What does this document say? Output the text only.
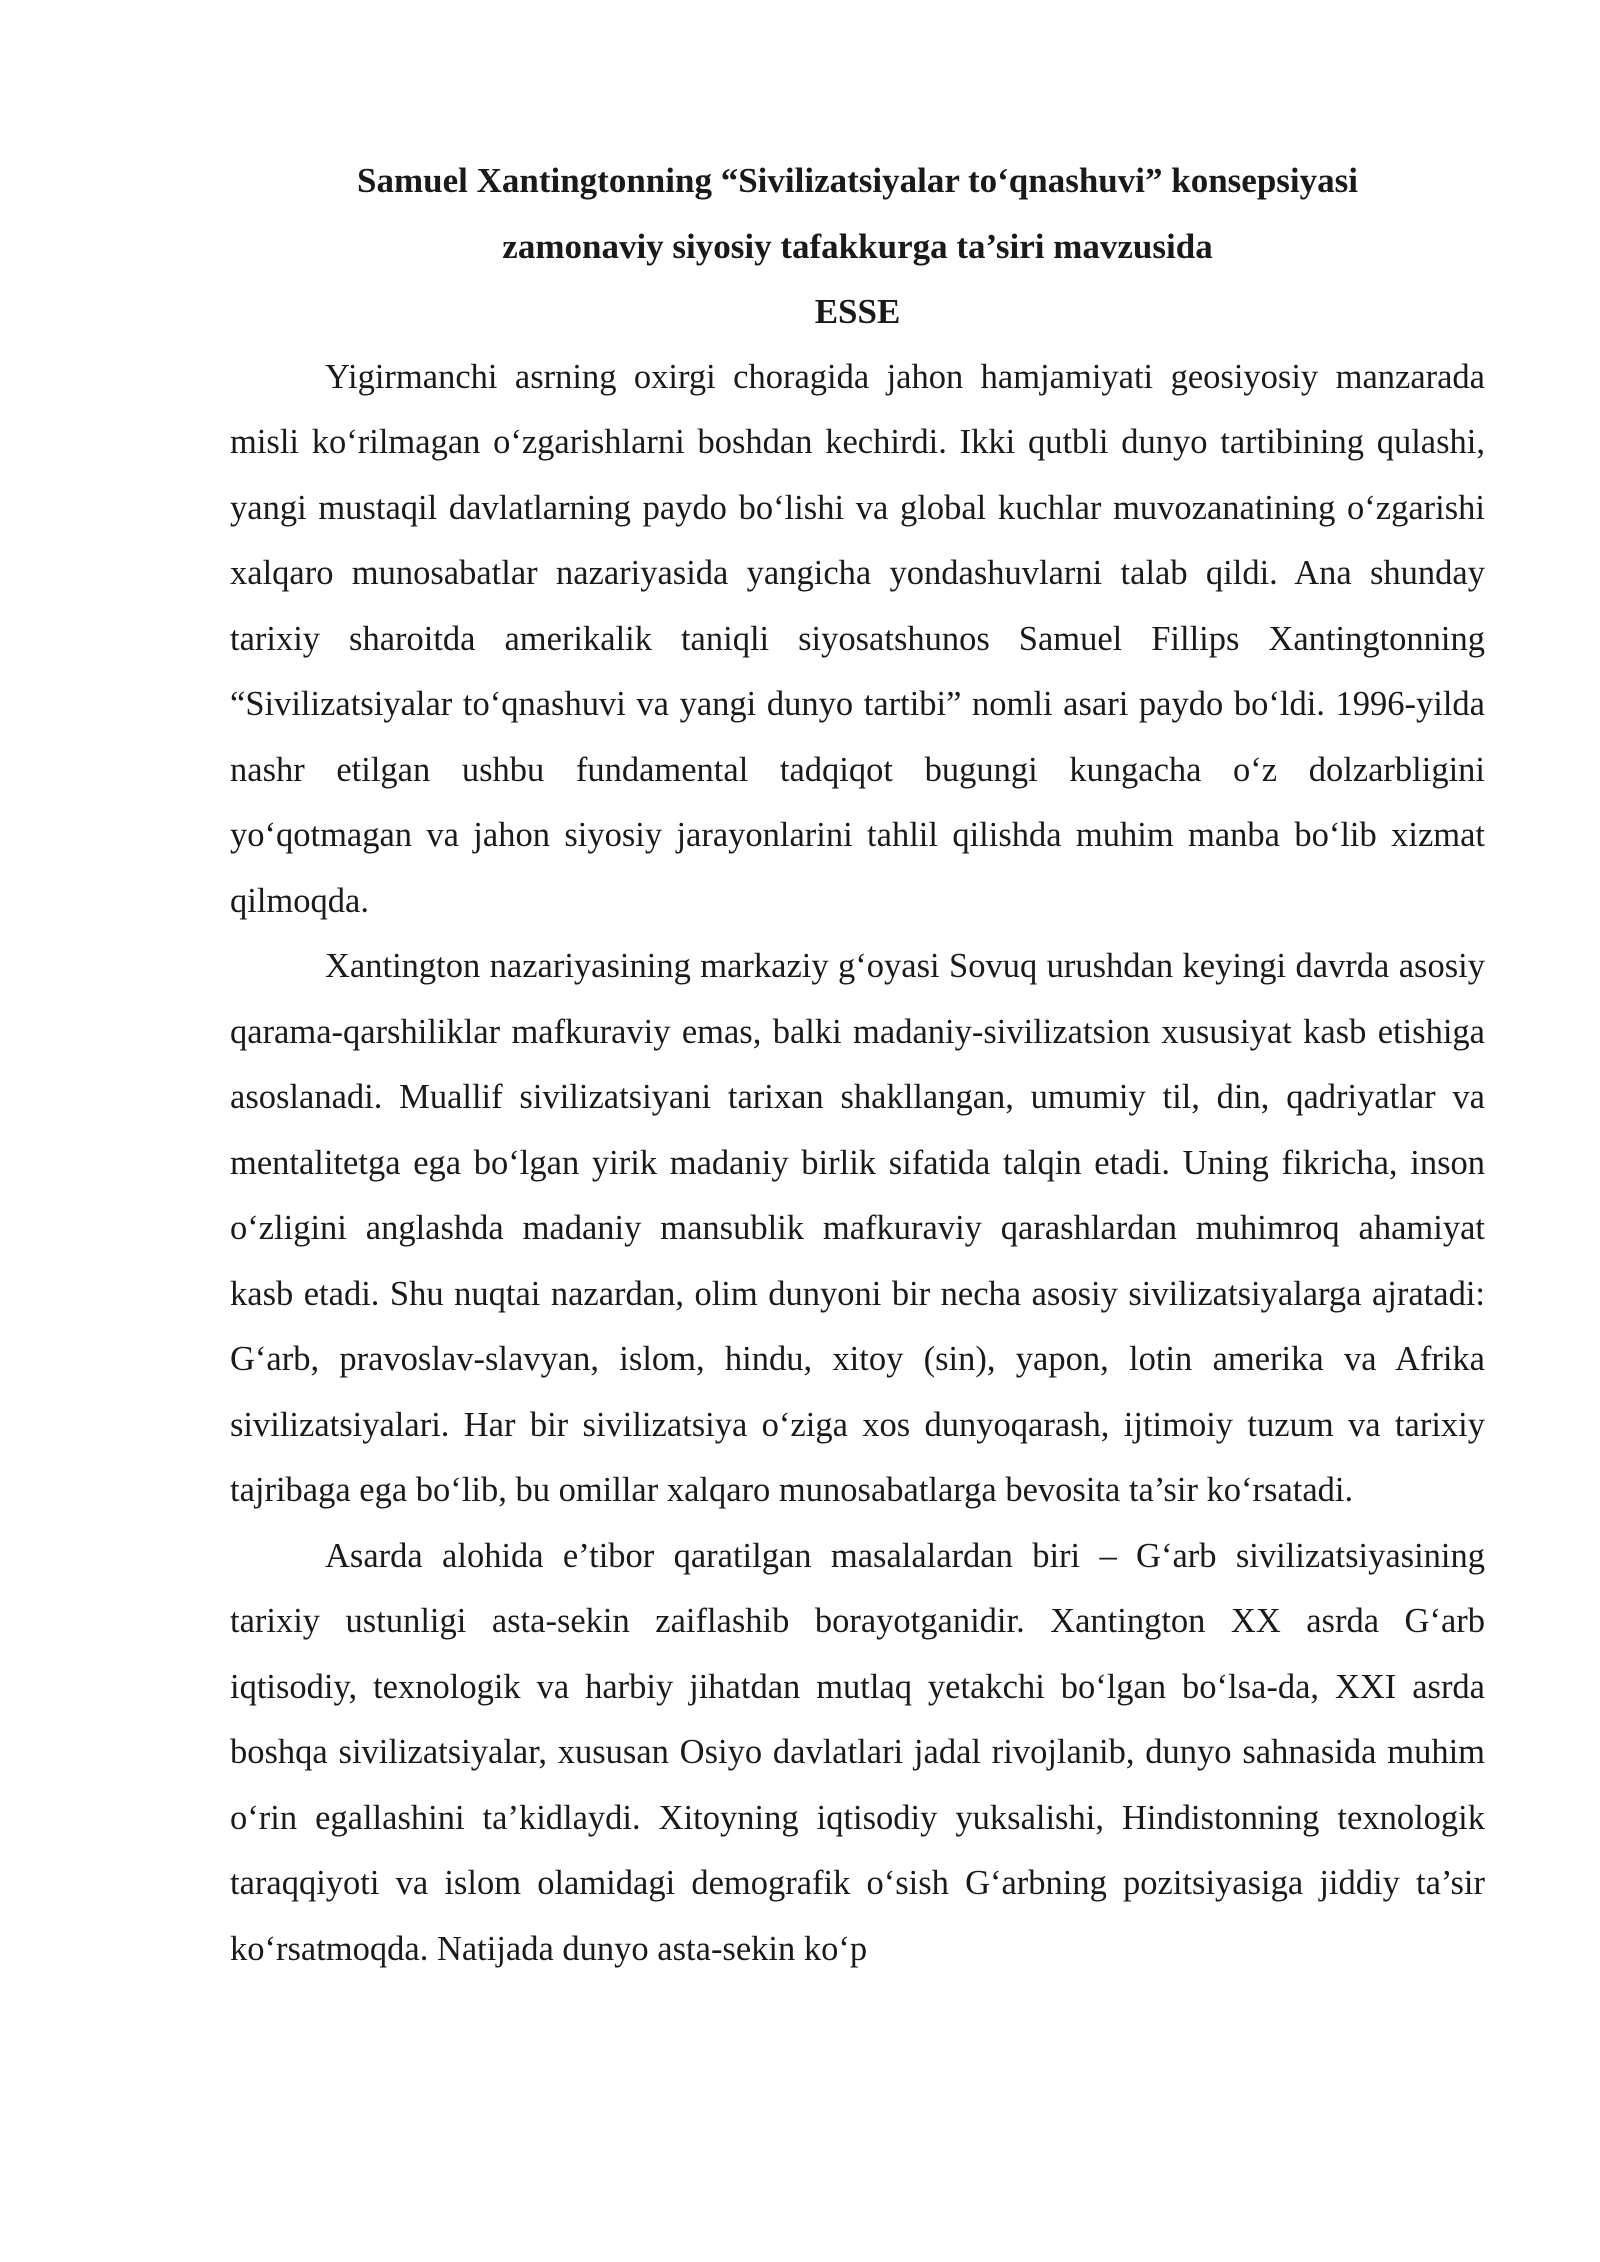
Samuel Xantingtonning “Sivilizatsiyalar to‘qnashuvi” konsepsiyasi
zamonaviy siyosiy tafakkurga ta’siri mavzusida
ESSE

Yigirmanchi asrning oxirgi choragida jahon hamjamiyati geosiyosiy manzarada misli ko‘rilmagan o‘zgarishlarni boshdan kechirdi. Ikki qutbli dunyo tartibining qulashi, yangi mustaqil davlatlarning paydo bo‘lishi va global kuchlar muvozanatining o‘zgarishi xalqaro munosabatlar nazariyasida yangicha yondashuvlarni talab qildi. Ana shunday tarixiy sharoitda amerikalik taniqli siyosatshunos Samuel Fillips Xantingtonning “Sivilizatsiyalar to‘qnashuvi va yangi dunyo tartibi” nomli asari paydo bo‘ldi. 1996-yilda nashr etilgan ushbu fundamental tadqiqot bugungi kungacha o‘z dolzarbligini yo‘qotmagan va jahon siyosiy jarayonlarini tahlil qilishda muhim manba bo‘lib xizmat qilmoqda.

Xantington nazariyasining markaziy g‘oyasi Sovuq urushdan keyingi davrda asosiy qarama-qarshiliklar mafkuraviy emas, balki madaniy-sivilizatsion xususiyat kasb etishiga asoslanadi. Muallif sivilizatsiyani tarixan shakllangan, umumiy til, din, qadriyatlar va mentalitetga ega bo‘lgan yirik madaniy birlik sifatida talqin etadi. Uning fikricha, inson o‘zligini anglashda madaniy mansublik mafkuraviy qarashlardan muhimroq ahamiyat kasb etadi. Shu nuqtai nazardan, olim dunyoni bir necha asosiy sivilizatsiyalarga ajratadi: G‘arb, pravoslav-slavyan, islom, hindu, xitoy (sin), yapon, lotin amerika va Afrika sivilizatsiyalari. Har bir sivilizatsiya o‘ziga xos dunyoqarash, ijtimoiy tuzum va tarixiy tajribaga ega bo‘lib, bu omillar xalqaro munosabatlarga bevosita ta’sir ko‘rsatadi.

Asarda alohida e’tibor qaratilgan masalalardan biri – G‘arb sivilizatsiyasining tarixiy ustunligi asta-sekin zaiflashib borayotganidir. Xantington XX asrda G‘arb iqtisodiy, texnologik va harbiy jihatdan mutlaq yetakchi bo‘lgan bo‘lsa-da, XXI asrda boshqa sivilizatsiyalar, xususan Osiyo davlatlari jadal rivojlanib, dunyo sahnasida muhim o‘rin egallashini ta’kidlaydi. Xitoyning iqtisodiy yuksalishi, Hindistonning texnologik taraqqiyoti va islom olamidagi demografik o‘sish G‘arbning pozitsiyasiga jiddiy ta’sir ko‘rsatmoqda. Natijada dunyo asta-sekin ko‘p
